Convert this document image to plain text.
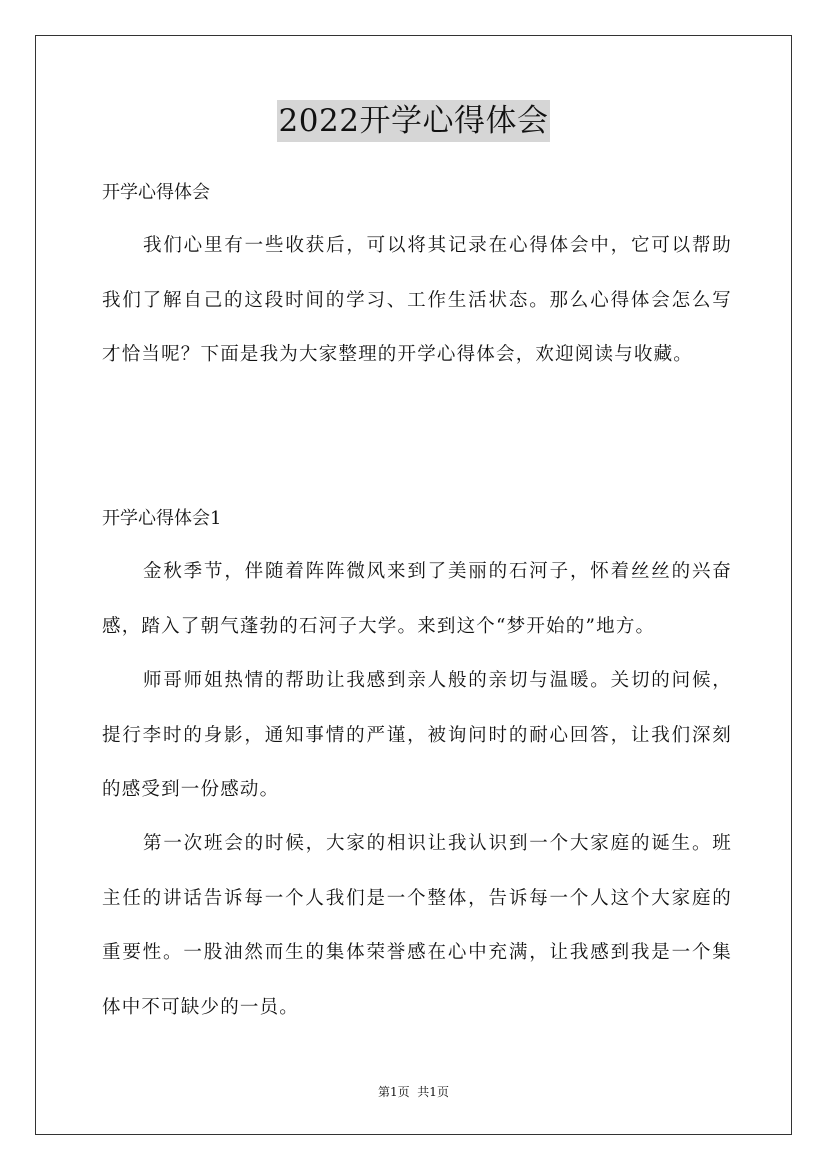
2022开学心得体会
开学心得体会

我们心里有一些收获后，可以将其记录在心得体会中，它可以帮助我们了解自己的这段时间的学习、工作生活状态。那么心得体会怎么写才恰当呢？下面是我为大家整理的开学心得体会，欢迎阅读与收藏。

开学心得体会1

金秋季节，伴随着阵阵微风来到了美丽的石河子，怀着丝丝的兴奋感，踏入了朝气蓬勃的石河子大学。来到这个“梦开始的”地方。

师哥师姐热情的帮助让我感到亲人般的亲切与温暖。关切的问候，提行李时的身影，通知事情的严谨，被询问时的耐心回答，让我们深刻的感受到一份感动。

第一次班会的时候，大家的相识让我认识到一个大家庭的诞生。班主任的讲话告诉每一个人我们是一个整体，告诉每一个人这个大家庭的重要性。一股油然而生的集体荣誉感在心中充满，让我感到我是一个集体中不可缺少的一员。

第1页  共1页
